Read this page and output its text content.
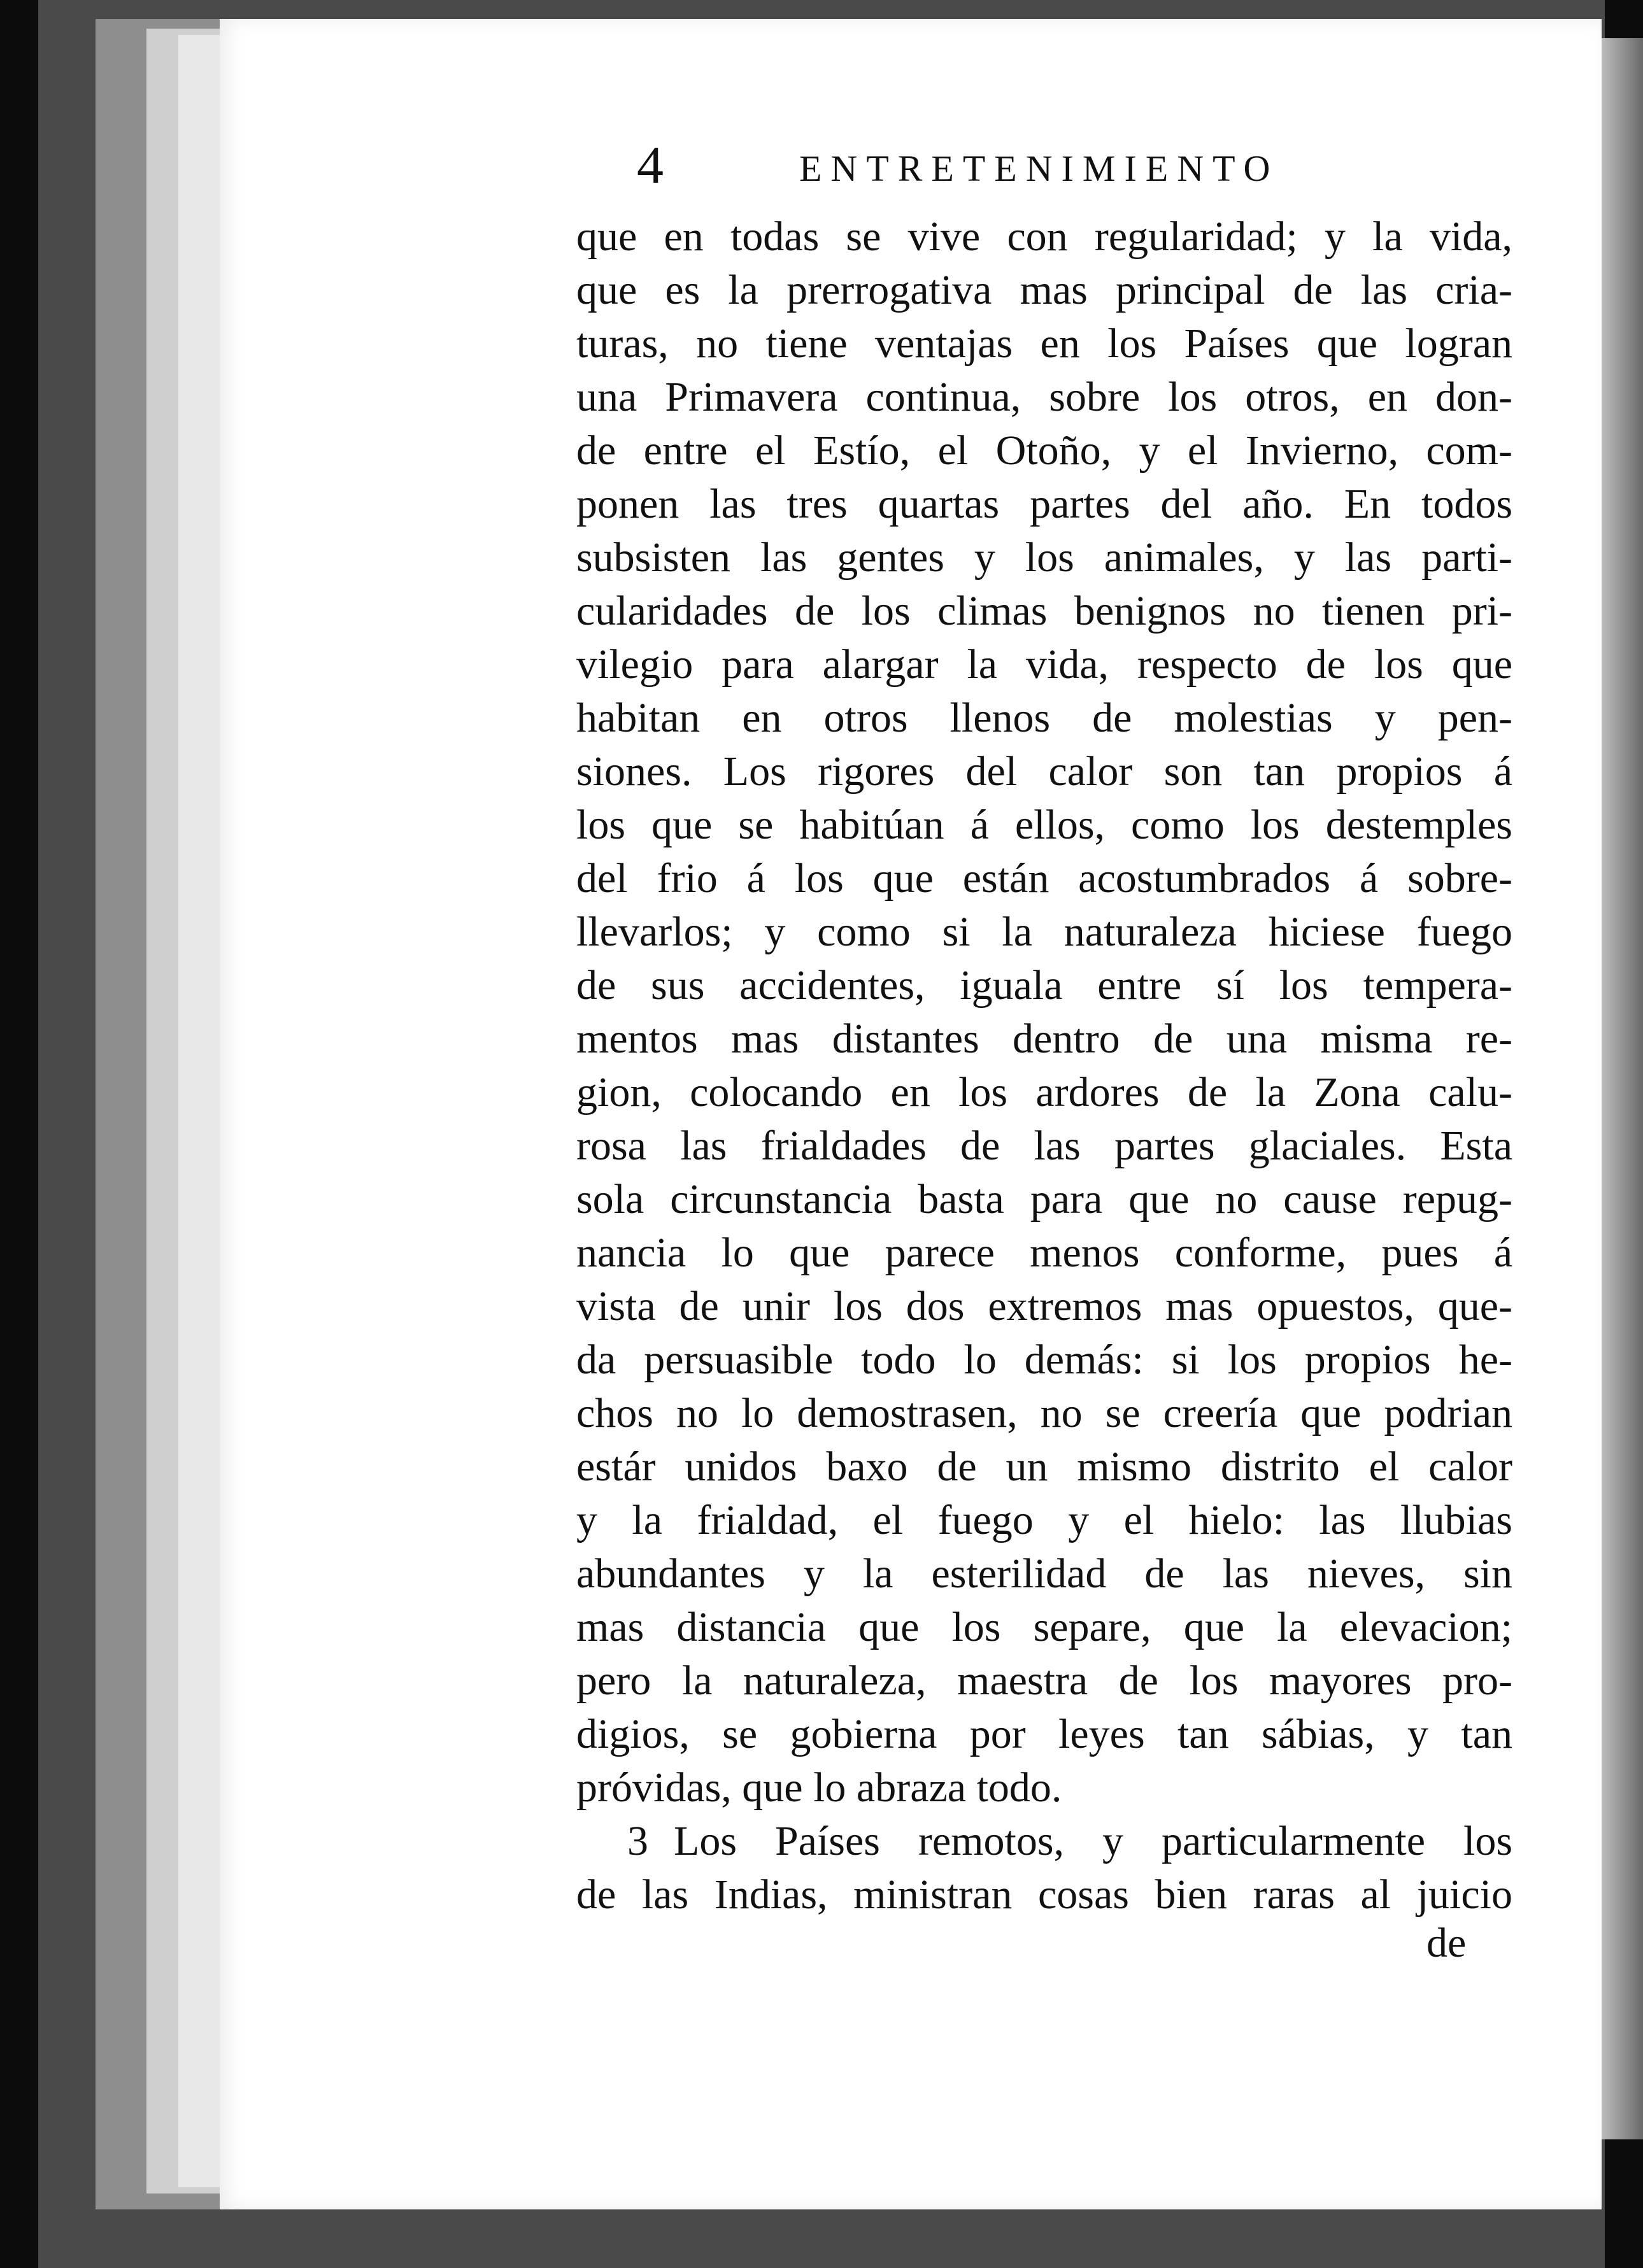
4	ENTRETENIMIENTO
que en todas se vive con regularidad; y la vida,
que es la prerrogativa mas principal de las cria-
turas, no tiene ventajas en los Países que logran
una Primavera continua, sobre los otros, en don-
de entre el Estío, el Otoño, y el Invierno, com-
ponen las tres quartas partes del año. En todos
subsisten las gentes y los animales, y las parti-
cularidades de los climas benignos no tienen pri-
vilegio para alargar la vida, respecto de los que
habitan en otros llenos de molestias y pen-
siones. Los rigores del calor son tan propios á
los que se habitúan á ellos, como los destemples
del frio á los que están acostumbrados á sobre-
llevarlos; y como si la naturaleza hiciese fuego
de sus accidentes, iguala entre sí los tempera-
mentos mas distantes dentro de una misma re-
gion, colocando en los ardores de la Zona calu-
rosa las frialdades de las partes glaciales. Esta
sola circunstancia basta para que no cause repug-
nancia lo que parece menos conforme, pues á
vista de unir los dos extremos mas opuestos, que-
da persuasible todo lo demás: si los propios he-
chos no lo demostrasen, no se creería que podrian
estár unidos baxo de un mismo distrito el calor
y la frialdad, el fuego y el hielo: las llubias
abundantes y la esterilidad de las nieves, sin
mas distancia que los separe, que la elevacion;
pero la naturaleza, maestra de los mayores pro-
digios, se gobierna por leyes tan sábias, y tan
próvidas, que lo abraza todo.
3 Los Países remotos, y particularmente los
de las Indias, ministran cosas bien raras al juicio
de
